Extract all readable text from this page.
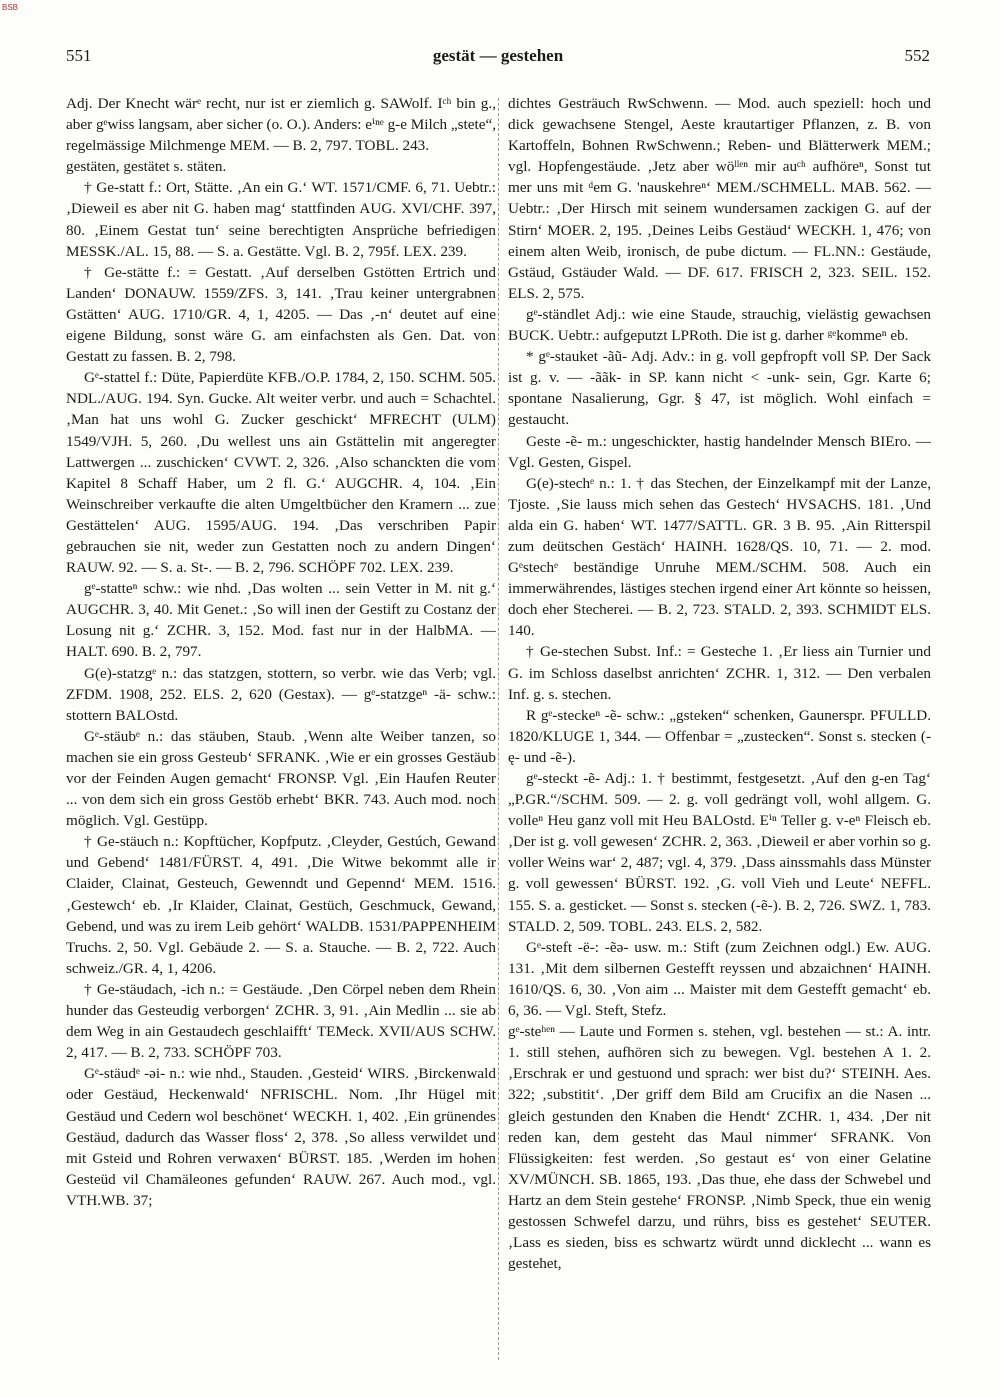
BSB
551	gestät — gestehen	552

Adj. Der Knecht wärᵉ recht, nur ist er ziemlich g. SAWolf. Iᶜʰ bin g., aber gᵉwiss langsam, aber sicher (o. O.). Anders: eⁱⁿᵉ g-e Milch „stete“, regelmässige Milchmenge MEM. — B. 2, 797. TOBL. 243.

gestäten, gestätet s. stäten.

† Ge-statt f.: Ort, Stätte. ‚An ein G.‘ WT. 1571/CMF. 6, 71. Uebtr.: ‚Dieweil es aber nit G. haben mag‘ stattfinden AUG. XVI/CHF. 397, 80. ‚Einem Gestat tun‘ seine berechtigten Ansprüche befriedigen MESSK./AL. 15, 88. — S. a. Gestätte. Vgl. B. 2, 795f. LEX. 239.

† Ge-stätte f.: = Gestatt. ‚Auf derselben Gstötten Ertrich und Landen‘ DONAUW. 1559/ZFS. 3, 141. ‚Trau keiner untergrabnen Gstätten‘ AUG. 1710/GR. 4, 1, 4205. — Das ‚-n‘ deutet auf eine eigene Bildung, sonst wäre G. am einfachsten als Gen. Dat. von Gestatt zu fassen. B. 2, 798.

Gᵉ-stattel f.: Düte, Papierdüte KFB./O.P. 1784, 2, 150. SCHM. 505. NDL./AUG. 194. Syn. Gucke. Alt weiter verbr. und auch = Schachtel. ‚Man hat uns wohl G. Zucker geschickt‘ MFRECHT (ULM) 1549/VJH. 5, 260. ‚Du wellest uns ain Gstättelin mit angeregter Lattwergen ... zuschicken‘ CVWT. 2, 326. ‚Also schanckten die vom Kapitel 8 Schaff Haber, um 2 fl. G.‘ AUGCHR. 4, 104. ‚Ein Weinschreiber verkaufte die alten Umgeltbücher den Kramern ... zue Gestättelen‘ AUG. 1595/AUG. 194. ‚Das verschriben Papir gebrauchen sie nit, weder zun Gestatten noch zu andern Dingen‘ RAUW. 92. — S. a. St-. — B. 2, 796. SCHÖPF 702. LEX. 239.

gᵉ-statteⁿ schw.: wie nhd. ‚Das wolten ... sein Vetter in M. nit g.‘ AUGCHR. 3, 40. Mit Genet.: ‚So will inen der Gestift zu Costanz der Losung nit g.‘ ZCHR. 3, 152. Mod. fast nur in der HalbMA. — HALT. 690. B. 2, 797.

G(e)-statzgᵉ n.: das statzgen, stottern, so verbr. wie das Verb; vgl. ZFDM. 1908, 252. ELS. 2, 620 (Gestax). — gᵉ-statzgeⁿ -ä- schw.: stottern BALOstd.

Gᵉ-stäubᵉ n.: das stäuben, Staub. ‚Wenn alte Weiber tanzen, so machen sie ein gross Gesteub‘ SFRANK. ‚Wie er ein grosses Gestäub vor der Feinden Augen gemacht‘ FRONSP. Vgl. ‚Ein Haufen Reuter ... von dem sich ein gross Gestöb erhebt‘ BKR. 743. Auch mod. noch möglich. Vgl. Gestüpp.

† Ge-stäuch n.: Kopftücher, Kopfputz. ‚Cleyder, Gestúch, Gewand und Gebend‘ 1481/FÜRST. 4, 491. ‚Die Witwe bekommt alle ir Claider, Clainat, Gesteuch, Gewenndt und Gepennd‘ MEM. 1516. ‚Gestewch‘ eb. ‚Ir Klaider, Clainat, Gestüch, Geschmuck, Gewand, Gebend, und was zu irem Leib gehört‘ WALDB. 1531/PAPPENHEIM Truchs. 2, 50. Vgl. Gebäude 2. — S. a. Stauche. — B. 2, 722. Auch schweiz./GR. 4, 1, 4206.

† Ge-stäudach, -ich n.: = Gestäude. ‚Den Cörpel neben dem Rhein hunder das Gesteudig verborgen‘ ZCHR. 3, 91. ‚Ain Medlin ... sie ab dem Weg in ain Gestaudech geschlaifft‘ TEMeck. XVII/AUS SCHW. 2, 417. — B. 2, 733. SCHÖPF 703.

Gᵉ-stäudᵉ -ǝi- n.: wie nhd., Stauden. ‚Gesteid‘ WIRS. ‚Birckenwald oder Gestäud, Heckenwald‘ NFRISCHL. Nom. ‚Ihr Hügel mit Gestäud und Cedern wol beschönet‘ WECKH. 1, 402. ‚Ein grünendes Gestäud, dadurch das Wasser floss‘ 2, 378. ‚So alless verwildet und mit Gsteid und Rohren verwaxen‘ BÜRST. 185. ‚Werden im hohen Gesteüd vil Chamäleones gefunden‘ RAUW. 267. Auch mod., vgl. VTH.WB. 37;

dichtes Gesträuch RwSchwenn. — Mod. auch speziell: hoch und dick gewachsene Stengel, Aeste krautartiger Pflanzen, z. B. von Kartoffeln, Bohnen RwSchwenn.; Reben- und Blätterwerk MEM.; vgl. Hopfengestäude. ‚Jetz aber wöˡˡᵉⁿ mir auᶜʰ aufhöreⁿ, Sonst tut mer uns mit ᵈem G. 'nauskehreⁿ‘ MEM./SCHMELL. MAB. 562. — Uebtr.: ‚Der Hirsch mit seinem wundersamen zackigen G. auf der Stirn‘ MOER. 2, 195. ‚Deines Leibs Gestäud‘ WECKH. 1, 476; von einem alten Weib, ironisch, de pube dictum. — FL.NN.: Gestäude, Gstäud, Gstäuder Wald. — DF. 617. FRISCH 2, 323. SEIL. 152. ELS. 2, 575.

gᵉ-ständlet Adj.: wie eine Staude, strauchig, vielästig gewachsen BUCK. Uebtr.: aufgeputzt LPRoth. Die ist g. darher ᵍᵉkommeⁿ eb.

* gᵉ-stauket -ãũ- Adj. Adv.: in g. voll gepfropft voll SP. Der Sack ist g. v. — -ããk- in SP. kann nicht < -unk- sein, Ggr. Karte 6; spontane Nasalierung, Ggr. § 47, ist möglich. Wohl einfach = gestaucht.

Geste -ẽ- m.: ungeschickter, hastig handelnder Mensch BIEro. — Vgl. Gesten, Gispel.

G(e)-stechᵉ n.: 1. † das Stechen, der Einzelkampf mit der Lanze, Tjoste. ‚Sie lauss mich sehen das Gestech‘ HVSACHS. 181. ‚Und alda ein G. haben‘ WT. 1477/SATTL. GR. 3 B. 95. ‚Ain Ritterspil zum deütschen Gestäch‘ HAINH. 1628/QS. 10, 71. — 2. mod. Gᵉstechᵉ beständige Unruhe MEM./SCHM. 508. Auch ein immerwährendes, lästiges stechen irgend einer Art könnte so heissen, doch eher Stecherei. — B. 2, 723. STALD. 2, 393. SCHMIDT ELS. 140.

† Ge-stechen Subst. Inf.: = Gesteche 1. ‚Er liess ain Turnier und G. im Schloss daselbst anrichten‘ ZCHR. 1, 312. — Den verbalen Inf. g. s. stechen.

R gᵉ-steckeⁿ -ẽ- schw.: „gsteken“ schenken, Gaunerspr. PFULLD. 1820/KLUGE 1, 344. — Offenbar = „zustecken“. Sonst s. stecken (-ę- und -ẽ-).

gᵉ-steckt -ẽ- Adj.: 1. † bestimmt, festgesetzt. ‚Auf den g-en Tag‘ „P.GR.“/SCHM. 509. — 2. g. voll gedrängt voll, wohl allgem. G. volleⁿ Heu ganz voll mit Heu BALOstd. Eⁱⁿ Teller g. v-eⁿ Fleisch eb. ‚Der ist g. voll gewesen‘ ZCHR. 2, 363. ‚Dieweil er aber vorhin so g. voller Weins war‘ 2, 487; vgl. 4, 379. ‚Dass ainssmahls dass Münster g. voll gewessen‘ BÜRST. 192. ‚G. voll Vieh und Leute‘ NEFFL. 155. S. a. gesticket. — Sonst s. stecken (-ẽ-). B. 2, 726. SWZ. 1, 783. STALD. 2, 509. TOBL. 243. ELS. 2, 582.

Gᵉ-steft -ë-: -ẽə- usw. m.: Stift (zum Zeichnen odgl.) Ew. AUG. 131. ‚Mit dem silbernen Gestefft reyssen und abzaichnen‘ HAINH. 1610/QS. 6, 30. ‚Von aim ... Maister mit dem Gestefft gemacht‘ eb. 6, 36. — Vgl. Steft, Stefz.

gᵉ-steʰᵉⁿ — Laute und Formen s. stehen, vgl. bestehen — st.: A. intr. 1. still stehen, aufhören sich zu bewegen. Vgl. bestehen A 1. 2. ‚Erschrak er und gestuond und sprach: wer bist du?‘ STEINH. Aes. 322; ‚substitit‘. ‚Der griff dem Bild am Crucifix an die Nasen ... gleich gestunden den Knaben die Hendt‘ ZCHR. 1, 434. ‚Der nit reden kan, dem gesteht das Maul nimmer‘ SFRANK. Von Flüssigkeiten: fest werden. ‚So gestaut es‘ von einer Gelatine XV/MÜNCH. SB. 1865, 193. ‚Das thue, ehe dass der Schwebel und Hartz an dem Stein gestehe‘ FRONSP. ‚Nimb Speck, thue ein wenig gestossen Schwefel darzu, und rührs, biss es gestehet‘ SEUTER. ‚Lass es sieden, biss es schwartz würdt unnd dicklecht ... wann es gestehet,
